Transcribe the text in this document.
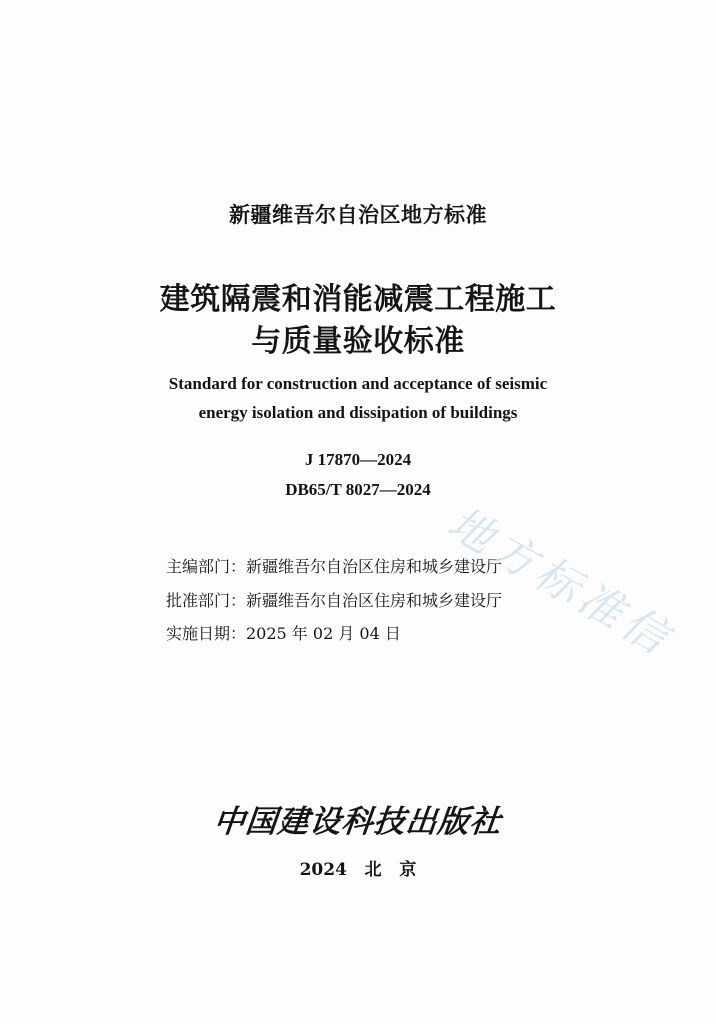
新疆维吾尔自治区地方标准
建筑隔震和消能减震工程施工
与质量验收标准
Standard for construction and acceptance of seismic
energy isolation and dissipation of buildings
J 17870—2024
DB65/T 8027—2024
主编部门：新疆维吾尔自治区住房和城乡建设厅
批准部门：新疆维吾尔自治区住房和城乡建设厅
实施日期：2025 年 02 月 04 日
中国建设科技出版社
2024   北   京
地方标准信
